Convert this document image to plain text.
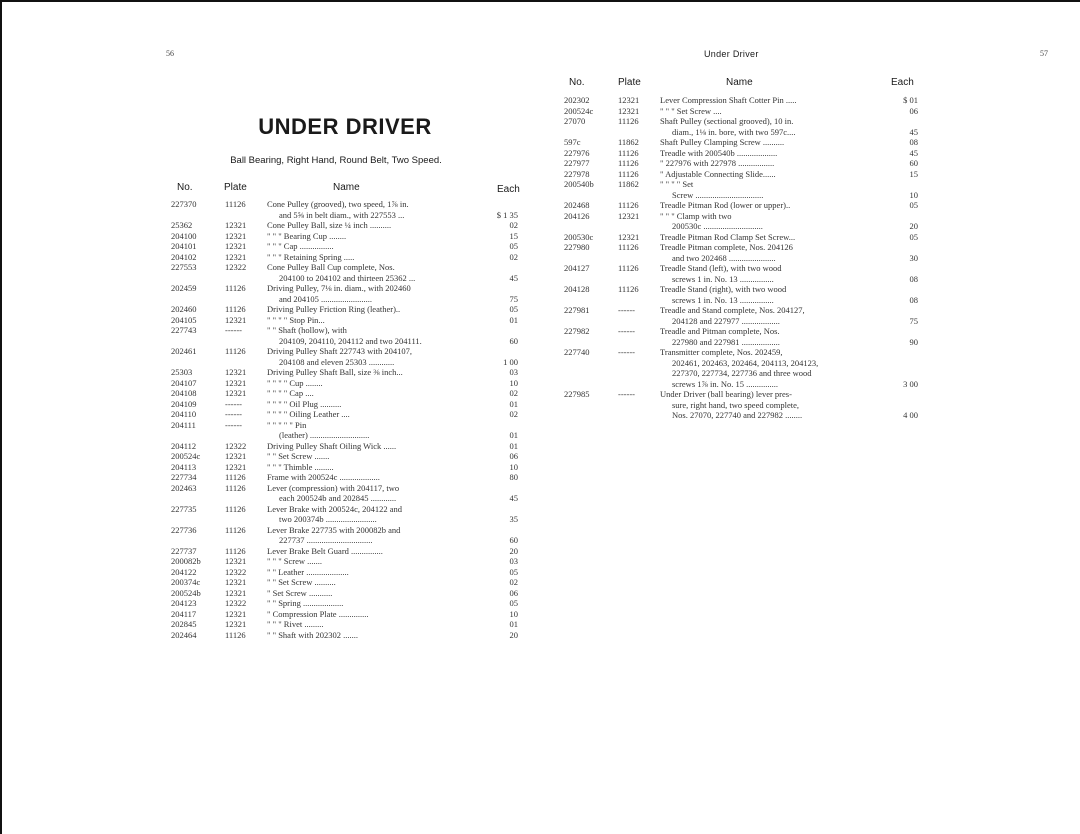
56
UNDER DRIVER
Ball Bearing, Right Hand, Round Belt, Two Speed.
No.	Plate	Name	Each
227370	11126	Cone Pulley (grooved), two speed, 1⅞ in.
and 5⅝ in belt diam., with 227553 ...	$ 1 35
25362	12321 Cone Pulley Ball, size ¼ inch ..........	02
204100	12321 " " " Bearing Cup ........	15
204101	12321 " " " Cap ................	05
204102	12321 " " " Retaining Spring .....	02
227553	12322 Cone Pulley Ball Cup complete, Nos.
204100 to 204102 and thirteen 25362 ...	45
202459	11126	Driving Pulley, 7⅛ in. diam., with 202460
and 204105 ........................	75
202460	11126	Driving Pulley Friction Ring (leather)..	05
204105	12321 " " " " Stop Pin...	01
227743	------	" " Shaft (hollow), with
204109, 204110, 204112 and two 204111.	60
202461	11126	Driving Pulley Shaft 227743 with 204107,
204108 and eleven 25303 ............	1 00
25303	12321 Driving Pulley Shaft Ball, size ⅜ inch...	03
204107	12321 " " " " Cup ........	10
204108	12321 " " " " Cap ....	02
204109	------	" " " " Oil Plug ..........	01
204110	------	" " " " Oiling Leather ....	02
204111	------	" " " " " Pin
(leather) ............................	01
204112	12322 Driving Pulley Shaft Oiling Wick ......	01
200524c	12321 " " Set Screw .......	06
204113	12321 " " " Thimble .........	10
227734	11126	Frame with 200524c ...................	80
202463	11126	Lever (compression) with 204117, two
each 200524b and 202845 ............	45
227735	11126	Lever Brake with 200524c, 204122 and
two 200374b ........................	35
227736	11126	Lever Brake 227735 with 200082b and
227737 ...............................	60
227737	11126	Lever Brake Belt Guard ...............	20
200082b	12321 " " " Screw .......	03
204122	12322 " " Leather ....................	05
200374c	12321 " " Set Screw ..........	02
200524b	12321 " Set Screw ...........	06
204123	12322 " " Spring ...................	05
204117	12321 " Compression Plate ..............	10
202845	12321 " " " Rivet .........	01
202464	11126	" " Shaft with 202302 .......	20
Under Driver	57
No.	Plate	Name	Each
202302	12321 Lever Compression Shaft Cotter Pin .....	$ 01
200524c	12321 " " " Set Screw ....	06
27070	11126	Shaft Pulley (sectional grooved), 10 in.
diam., 1⅛ in. bore, with two 597c....	45
597c	11862 Shaft Pulley Clamping Screw ..........	08
227976	11126	Treadle with 200540b ...................	45
227977	11126	" 227976 with 227978 .................	60
227978	11126	" Adjustable Connecting Slide......	15
200540b	11862 " " " " Set
Screw ................................	10
202468	11126	Treadle Pitman Rod (lower or upper)..	05
204126	12321 " " " Clamp with two
200530c ............................	20
200530c	12321 Treadle Pitman Rod Clamp Set Screw...	05
227980	11126	Treadle Pitman complete, Nos. 204126
and two 202468 ......................	30
204127	11126	Treadle Stand (left), with two wood
screws 1 in. No. 13 ................	08
204128	11126	Treadle Stand (right), with two wood
screws 1 in. No. 13 ................	08
227981	------	Treadle and Stand complete, Nos. 204127,
204128 and 227977 ..................	75
227982	------	Treadle and Pitman complete, Nos.
227980 and 227981 ..................	90
227740	------	Transmitter complete, Nos. 202459,
202461, 202463, 202464, 204113, 204123,
227370, 227734, 227736 and three wood
screws 1⅞ in. No. 15 ...............	3 00
227985	------	Under Driver (ball bearing) lever pres-
sure, right hand, two speed complete,
Nos. 27070, 227740 and 227982 ........	4 00
